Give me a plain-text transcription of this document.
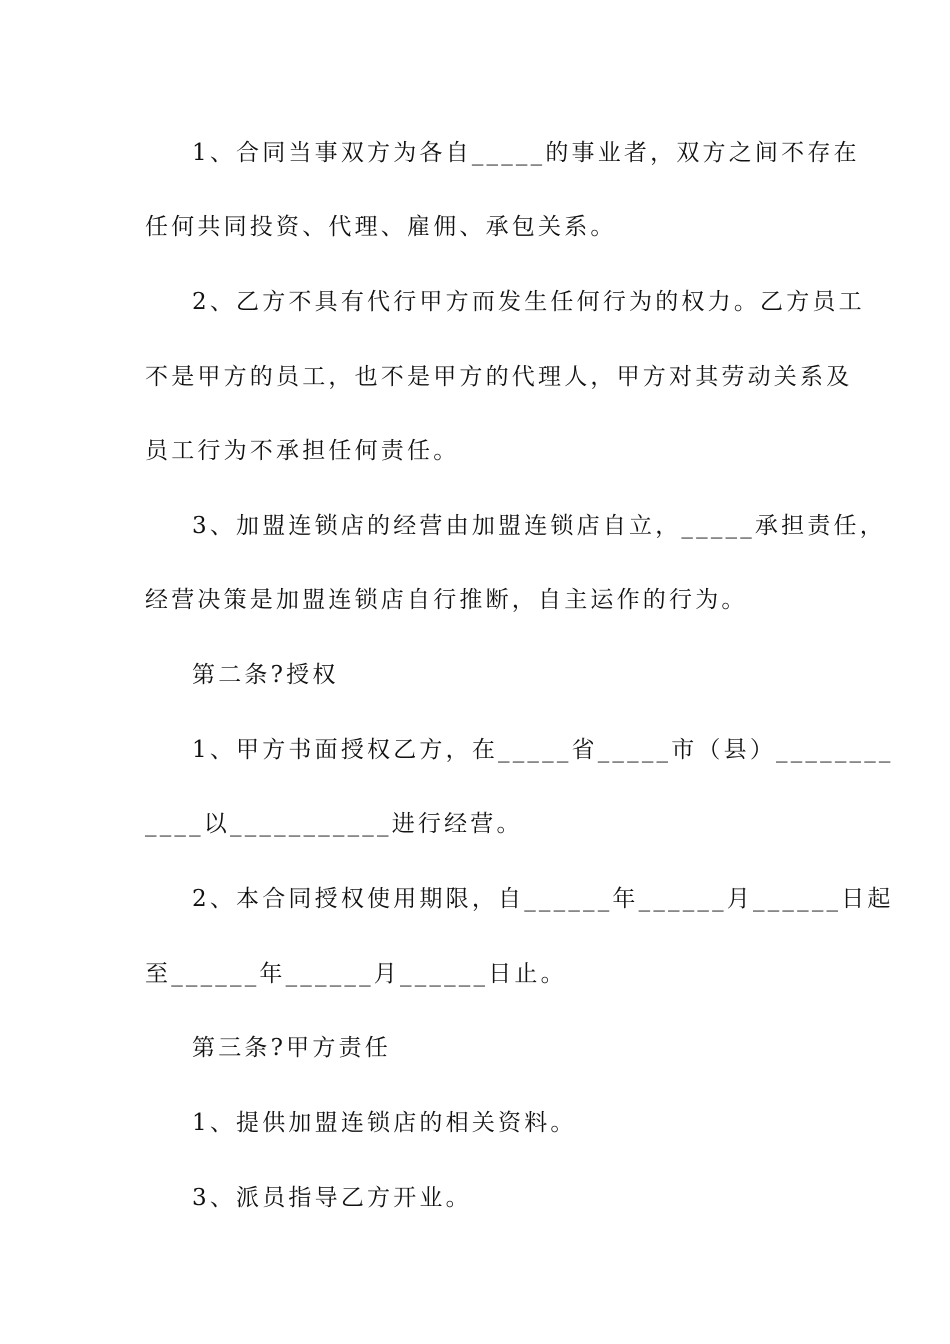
1、合同当事双方为各自_____的事业者，双方之间不存在
任何共同投资、代理、雇佣、承包关系。
2、乙方不具有代行甲方而发生任何行为的权力。乙方员工
不是甲方的员工，也不是甲方的代理人，甲方对其劳动关系及
员工行为不承担任何责任。
3、加盟连锁店的经营由加盟连锁店自立，_____承担责任，
经营决策是加盟连锁店自行推断，自主运作的行为。
第二条?授权
1、甲方书面授权乙方，在_____省_____市（县）________
____以___________进行经营。
2、本合同授权使用期限，自______年______月______日起
至______年______月______日止。
第三条?甲方责任
1、提供加盟连锁店的相关资料。
3、派员指导乙方开业。
